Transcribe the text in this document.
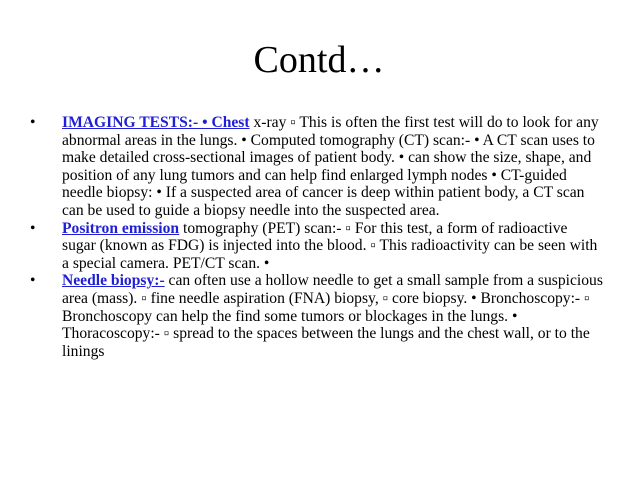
Contd…
• IMAGING TESTS:- • Chest x-ray ▫ This is often the first test will do to look for any abnormal areas in the lungs. • Computed tomography (CT) scan:- • A CT scan uses to make detailed cross-sectional images of patient body. • can show the size, shape, and position of any lung tumors and can help find enlarged lymph nodes • CT-guided needle biopsy: • If a suspected area of cancer is deep within patient body, a CT scan can be used to guide a biopsy needle into the suspected area.
• Positron emission tomography (PET) scan:- ▫ For this test, a form of radioactive sugar (known as FDG) is injected into the blood. ▫ This radioactivity can be seen with a special camera. PET/CT scan. •
• Needle biopsy:- can often use a hollow needle to get a small sample from a suspicious area (mass). ▫ fine needle aspiration (FNA) biopsy, ▫ core biopsy. • Bronchoscopy:- ▫ Bronchoscopy can help the find some tumors or blockages in the lungs. • Thoracoscopy:- ▫ spread to the spaces between the lungs and the chest wall, or to the linings
